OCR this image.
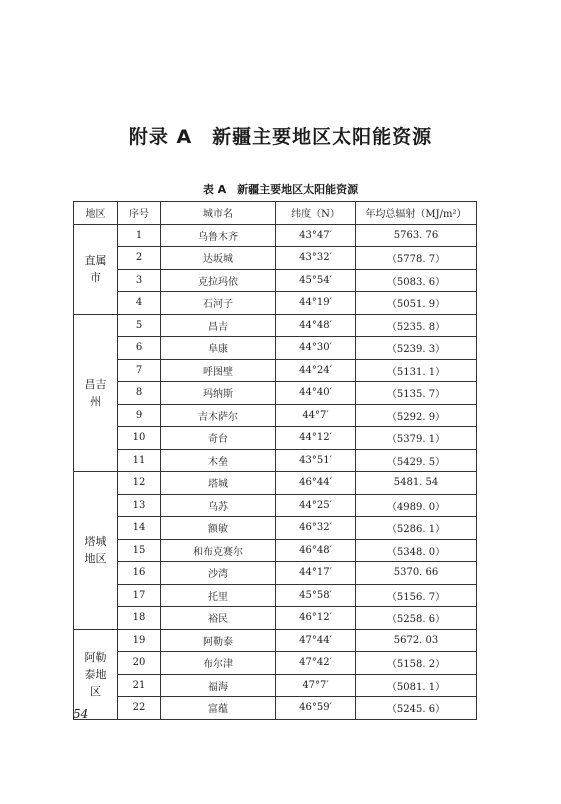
附录 A　新疆主要地区太阳能资源
表 A　新疆主要地区太阳能资源
地区	序号	城市名	纬度（N）	年均总辐射（MJ/m²）
直属市	1	乌鲁木齐	43°47′	5763. 76
	2	达坂城	43°32′	（5778. 7）
	3	克拉玛依	45°54′	（5083. 6）
	4	石河子	44°19′	（5051. 9）
昌吉州	5	昌吉	44°48′	（5235. 8）
	6	阜康	44°30′	（5239. 3）
	7	呼图壁	44°24′	（5131. 1）
	8	玛纳斯	44°40′	（5135. 7）
	9	吉木萨尔	44°7′	（5292. 9）
	10	奇台	44°12′	（5379. 1）
	11	木垒	43°51′	（5429. 5）
塔城地区	12	塔城	46°44′	5481. 54
	13	乌苏	44°25′	（4989. 0）
	14	额敏	46°32′	（5286. 1）
	15	和布克赛尔	46°48′	（5348. 0）
	16	沙湾	44°17′	5370. 66
	17	托里	45°58′	（5156. 7）
	18	裕民	46°12′	（5258. 6）
阿勒泰地区	19	阿勒泰	47°44′	5672. 03
	20	布尔津	47°42′	（5158. 2）
	21	福海	47°7′	（5081. 1）
	22	富蕴	46°59′	（5245. 6）
54
